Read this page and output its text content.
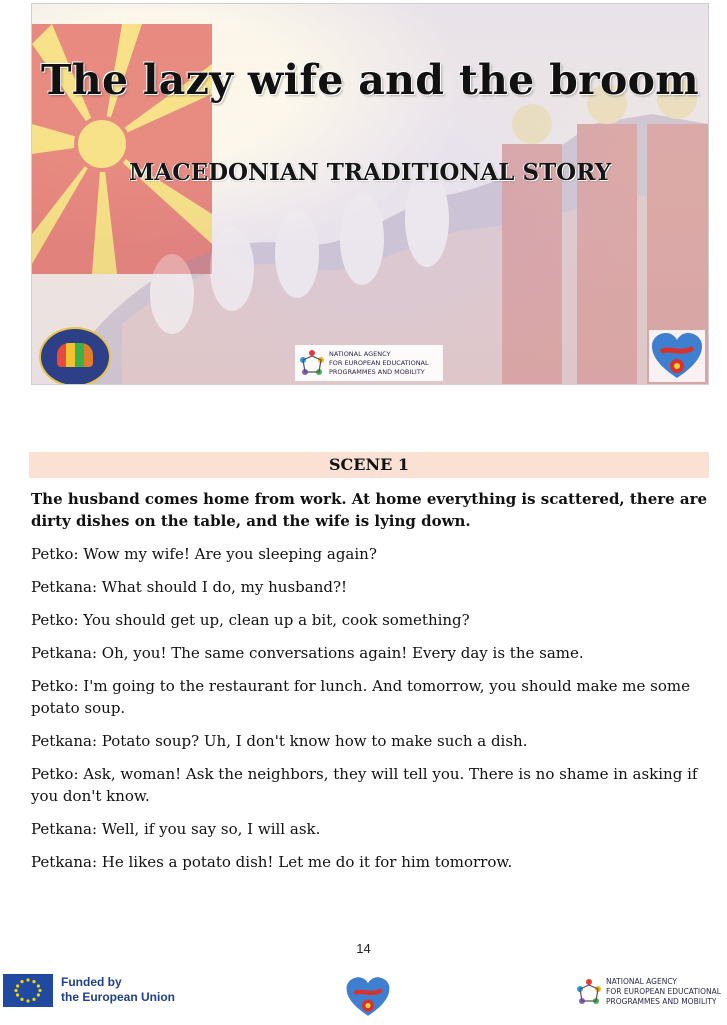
The lazy wife and the broom
MACEDONIAN TRADITIONAL STORY
NATIONAL AGENCY
FOR EUROPEAN EDUCATIONAL
PROGRAMMES AND MOBILITY
SCENE 1

The husband comes home from work. At home everything is scattered, there are dirty dishes on the table, and the wife is lying down.

Petko: Wow my wife! Are you sleeping again?

Petkana: What should I do, my husband?!

Petko: You should get up, clean up a bit, cook something?

Petkana: Oh, you! The same conversations again! Every day is the same.

Petko: I'm going to the restaurant for lunch. And tomorrow, you should make me some potato soup.

Petkana: Potato soup? Uh, I don't know how to make such a dish.

Petko: Ask, woman! Ask the neighbors, they will tell you. There is no shame in asking if you don't know.

Petkana: Well, if you say so, I will ask.

Petkana: He likes a potato dish! Let me do it for him tomorrow.

14
Funded by
the European Union
NATIONAL AGENCY
FOR EUROPEAN EDUCATIONAL
PROGRAMMES AND MOBILITY
